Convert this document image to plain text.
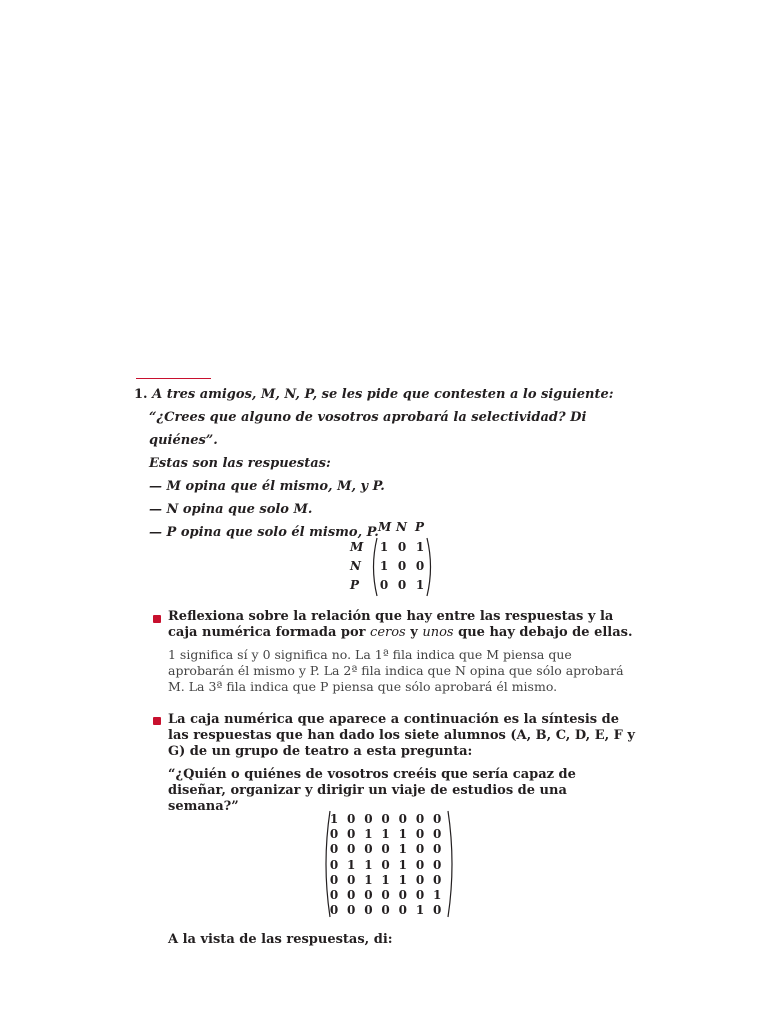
1. A tres amigos, M, N, P, se les pide que contesten a lo siguiente:
“¿Crees que alguno de vosotros aprobará la selectividad? Di quiénes”.
Estas son las respuestas:
— M opina que él mismo, M, y P.
— N opina que solo M.
— P opina que solo él mismo, P. M N P
M
N
P
1 0 1
1 0 0
0 0 1
Reflexiona sobre la relación que hay entre las respuestas y la caja numérica formada por ceros y unos que hay debajo de ellas.
1 significa sí y 0 significa no. La 1ª fila indica que M piensa que aprobarán él mismo y P. La 2ª fila indica que N opina que sólo aprobará M. La 3ª fila indica que P piensa que sólo aprobará él mismo.
La caja numérica que aparece a continuación es la síntesis de las respuestas que han dado los siete alumnos (A, B, C, D, E, F y G) de un grupo de teatro a esta pregunta:
“¿Quién o quiénes de vosotros creéis que sería capaz de diseñar, organizar y dirigir un viaje de estudios de una semana?”
1 0 0 0 0 0 0
0 0 1 1 1 0 0
0 0 0 0 1 0 0
0 1 1 0 1 0 0
0 0 1 1 1 0 0
0 0 0 0 0 0 1
0 0 0 0 0 1 0
A la vista de las respuestas, di:
